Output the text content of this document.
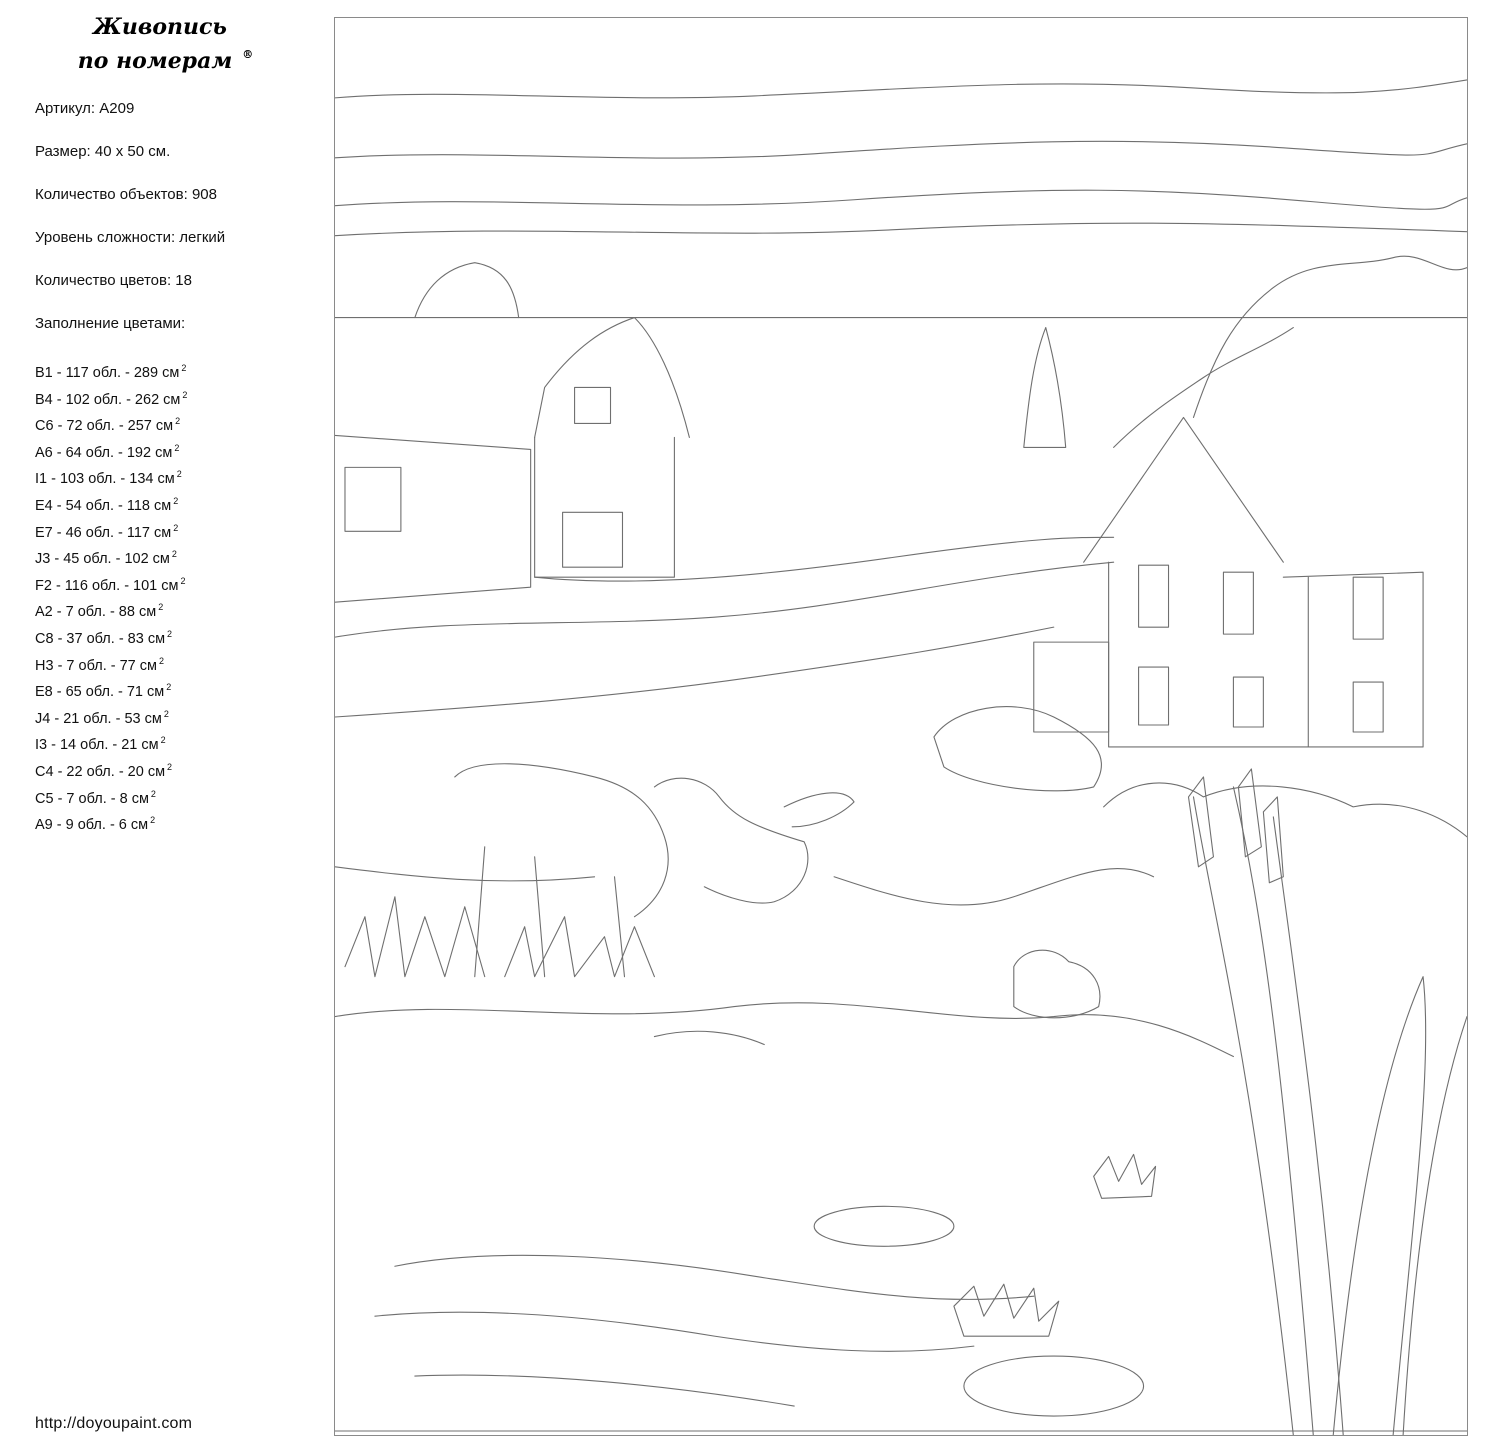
Живопись
по номерам ®
Артикул: A209
Размер: 40 x 50 см.
Количество объектов: 908
Уровень сложности: легкий
Количество цветов: 18
Заполнение цветами:
B1 - 117 обл. - 289 см $^2$
B4 - 102 обл. - 262 см $^2$
C6 - 72 обл. - 257 см $^2$
A6 - 64 обл. - 192 см $^2$
I1 - 103 обл. - 134 см $^2$
E4 - 54 обл. - 118 см $^2$
E7 - 46 обл. - 117 см $^2$
J3 - 45 обл. - 102 см $^2$
F2 - 116 обл. - 101 см $^2$
A2 - 7 обл. - 88 см $^2$
C8 - 37 обл. - 83 см $^2$
H3 - 7 обл. - 77 см $^2$
E8 - 65 обл. - 71 см $^2$
J4 - 21 обл. - 53 см $^2$
I3 - 14 обл. - 21 см $^2$
C4 - 22 обл. - 20 см $^2$
C5 - 7 обл. - 8 см $^2$
A9 - 9 обл. - 6 см $^2$
http://doyoupaint.com
